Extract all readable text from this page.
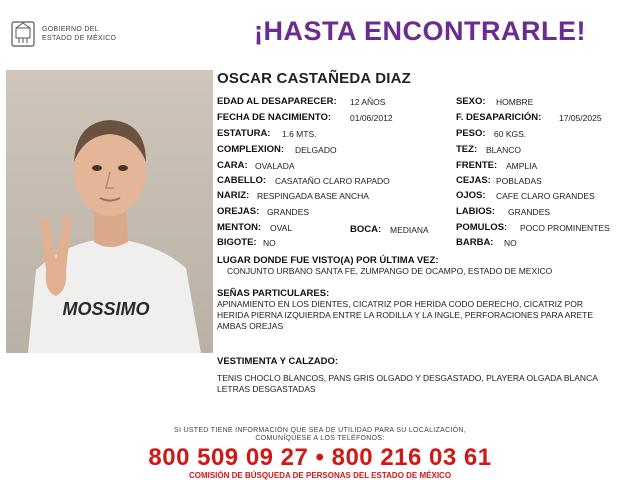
GOBIERNO DEL
ESTADO DE MÉXICO	¡HASTA ENCONTRARLE!
MOSSIMO
OSCAR CASTAÑEDA DIAZ
EDAD AL DESAPARECER: 12 AÑOS
FECHA DE NACIMIENTO: 01/06/2012
ESTATURA: 1.6 MTS.
COMPLEXION: DELGADO
CARA: OVALADA
CABELLO: CASATAÑO CLARO RAPADO
NARIZ: RESPINGADA BASE ANCHA
OREJAS: GRANDES
MENTON: OVAL	BOCA: MEDIANA
BIGOTE: NO
SEXO: HOMBRE
F. DESAPARICIÓN: 17/05/2025
PESO: 60 KGS.
TEZ: BLANCO
FRENTE: AMPLIA
CEJAS: POBLADAS
OJOS: CAFE CLARO GRANDES
LABIOS: GRANDES
POMULOS: POCO PROMINENTES
BARBA: NO
LUGAR DONDE FUE VISTO(A) POR ÚLTIMA VEZ:
CONJUNTO URBANO SANTA FE, ZUMPANGO DE OCAMPO, ESTADO DE MEXICO
SEÑAS PARTICULARES:
APINAMIENTO EN LOS DIENTES, CICATRIZ POR HERIDA CODO DERECHO, CICATRIZ POR HERIDA PIERNA IZQUIERDA ENTRE LA RODILLA Y LA INGLE, PERFORACIONES PARA ARETE AMBAS OREJAS
VESTIMENTA Y CALZADO:
TENIS CHOCLO BLANCOS, PANS GRIS OLGADO Y DESGASTADO, PLAYERA OLGADA BLANCA LETRAS DESGASTADAS
SI USTED TIENE INFORMACIÓN QUE SEA DE UTILIDAD PARA SU LOCALIZACIÓN,
COMUNÍQUESE A LOS TELÉFONOS:
800 509 09 27 • 800 216 03 61
COMISIÓN DE BÚSQUEDA DE PERSONAS DEL ESTADO DE MÉXICO
